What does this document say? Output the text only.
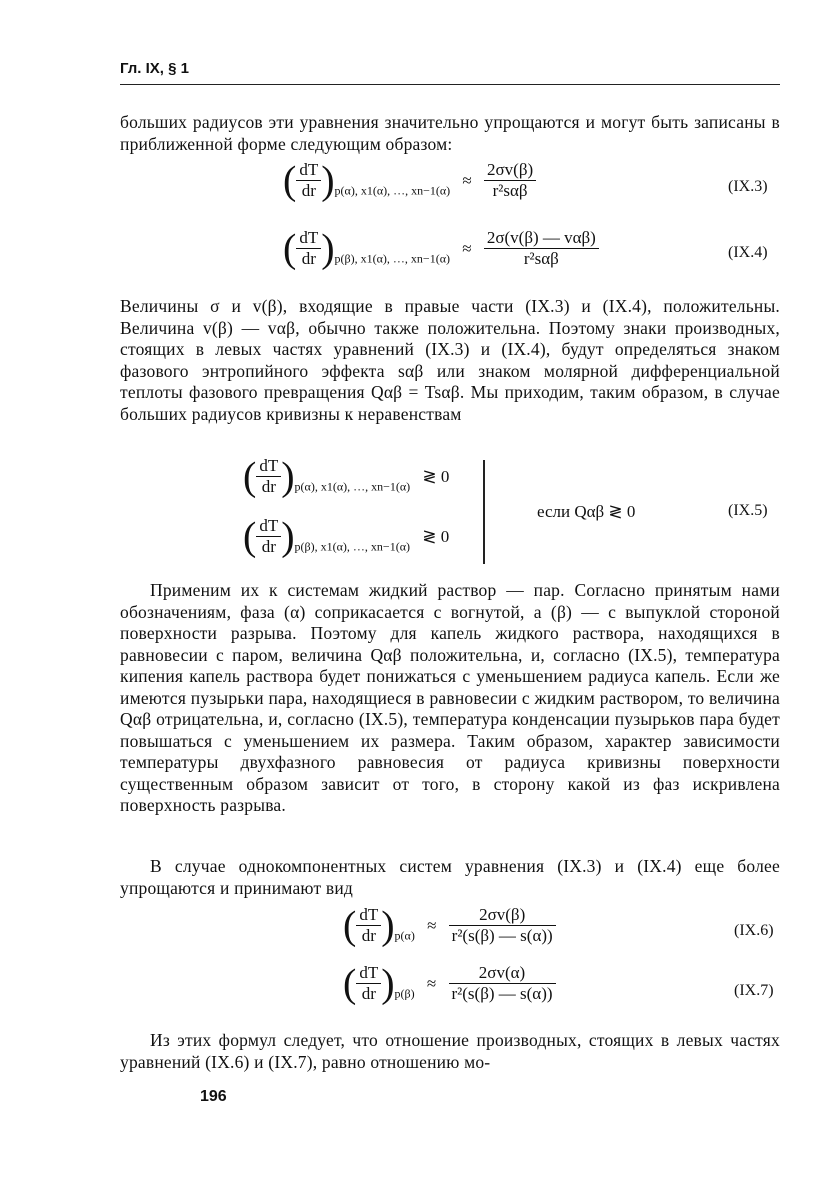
Гл. IX, § 1
больших радиусов эти уравнения значительно упрощаются и могут быть записаны в приближенной форме следующим образом:
( $\frac{dT}{dr} )_{p(\alpha), x1(\alpha), \dots, xn-1(\alpha)} \approx \frac{2\sigma v(\beta)}{\text{r²sαβ}}$	(IX.3)
( $\frac{dT}{dr} )_{p(\beta), x1(\alpha), \dots, xn-1(\alpha)} \approx \frac{\text{2σ(v(β) — vαβ)}}{\text{r²sαβ}}$	(IX.4)
Величины σ и v(β), входящие в правые части (IX.3) и (IX.4), положительны. Величина v(β) — vαβ, обычно также положительна. Поэтому знаки производных, стоящих в левых частях уравнений (IX.3) и (IX.4), будут определяться знаком фазового энтропийного эффекта sαβ или знаком молярной дифференциальной теплоты фазового превращения Qαβ = Tsαβ. Мы приходим, таким образом, в случае больших радиусов кривизны к неравенствам
( $\frac{dT}{dr} )_{p(\alpha), x1(\alpha), \dots, xn-1(\alpha)}$ ≷ 0
( $\frac{dT}{dr} )_{p(\beta), x1(\alpha), \dots, xn-1(\alpha)}$ ≷ 0
если Qαβ ≷ 0	(IX.5)
Применим их к системам жидкий раствор — пар. Согласно принятым нами обозначениям, фаза (α) соприкасается с вогнутой, а (β) — с выпуклой стороной поверхности разрыва. Поэтому для капель жидкого раствора, находящихся в равновесии с паром, величина Qαβ положительна, и, согласно (IX.5), температура кипения капель раствора будет понижаться с уменьшением радиуса капель. Если же имеются пузырьки пара, находящиеся в равновесии с жидким раствором, то величина Qαβ отрицательна, и, согласно (IX.5), температура конденсации пузырьков пара будет повышаться с уменьшением их размера. Таким образом, характер зависимости температуры двухфазного равновесия от радиуса кривизны поверхности существенным образом зависит от того, в сторону какой из фаз искривлена поверхность разрыва.
В случае однокомпонентных систем уравнения (IX.3) и (IX.4) еще более упрощаются и принимают вид
( $\frac{dT}{dr} )_{p(\alpha)} \approx \frac{2\sigma v(\beta)}{\text{r²(s(β) — s(α))}}$	(IX.6)
( $\frac{dT}{dr} )_{p(\beta)} \approx \frac{2\sigma v(\alpha)}{\text{r²(s(β) — s(α))}}$	(IX.7)
Из этих формул следует, что отношение производных, стоящих в левых частях уравнений (IX.6) и (IX.7), равно отношению мо-
196
